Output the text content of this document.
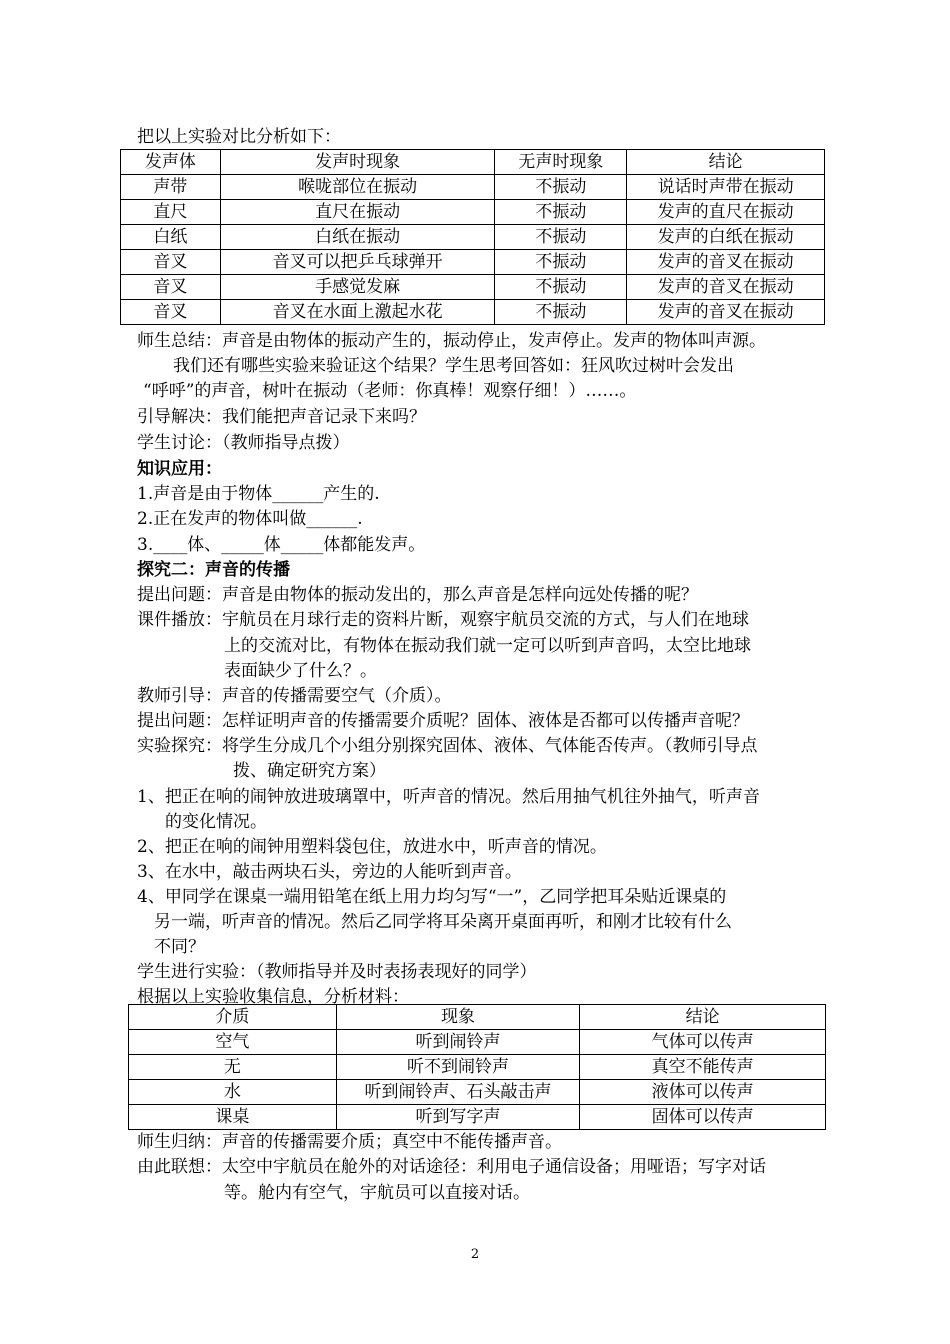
把以上实验对比分析如下：
发声体	发声时现象	无声时现象	结论
声带	喉咙部位在振动	不振动	说话时声带在振动
直尺	直尺在振动	不振动	发声的直尺在振动
白纸	白纸在振动	不振动	发声的白纸在振动
音叉	音叉可以把乒乓球弹开	不振动	发声的音叉在振动
音叉	手感觉发麻	不振动	发声的音叉在振动
音叉	音叉在水面上激起水花	不振动	发声的音叉在振动
师生总结：声音是由物体的振动产生的，振动停止，发声停止。发声的物体叫声源。
我们还有哪些实验来验证这个结果？学生思考回答如：狂风吹过树叶会发出
“呼呼”的声音，树叶在振动（老师：你真棒！观察仔细！）……。
引导解决：我们能把声音记录下来吗？
学生讨论：（教师指导点拨）
知识应用：
1.声音是由于物体______产生的.
2.正在发声的物体叫做______.
3.____体、_____体_____体都能发声。
探究二：声音的传播
提出问题：声音是由物体的振动发出的，那么声音是怎样向远处传播的呢？
课件播放：宇航员在月球行走的资料片断，观察宇航员交流的方式，与人们在地球
上的交流对比，有物体在振动我们就一定可以听到声音吗，太空比地球
表面缺少了什么？。
教师引导：声音的传播需要空气（介质）。
提出问题：怎样证明声音的传播需要介质呢？固体、液体是否都可以传播声音呢？
实验探究：将学生分成几个小组分别探究固体、液体、气体能否传声。（教师引导点
拨、确定研究方案）
1、把正在响的闹钟放进玻璃罩中，听声音的情况。然后用抽气机往外抽气，听声音
的变化情况。
2、把正在响的闹钟用塑料袋包住，放进水中，听声音的情况。
3、在水中，敲击两块石头，旁边的人能听到声音。
4、甲同学在课桌一端用铅笔在纸上用力均匀写“一”，乙同学把耳朵贴近课桌的
另一端，听声音的情况。然后乙同学将耳朵离开桌面再听，和刚才比较有什么
不同？
学生进行实验：（教师指导并及时表扬表现好的同学）
根据以上实验收集信息，分析材料：
介质	现象	结论
空气	听到闹铃声	气体可以传声
无	听不到闹铃声	真空不能传声
水	听到闹铃声、石头敲击声	液体可以传声
课桌	听到写字声	固体可以传声
师生归纳：声音的传播需要介质；真空中不能传播声音。
由此联想：太空中宇航员在舱外的对话途径：利用电子通信设备；用哑语；写字对话
等。舱内有空气，宇航员可以直接对话。
2
